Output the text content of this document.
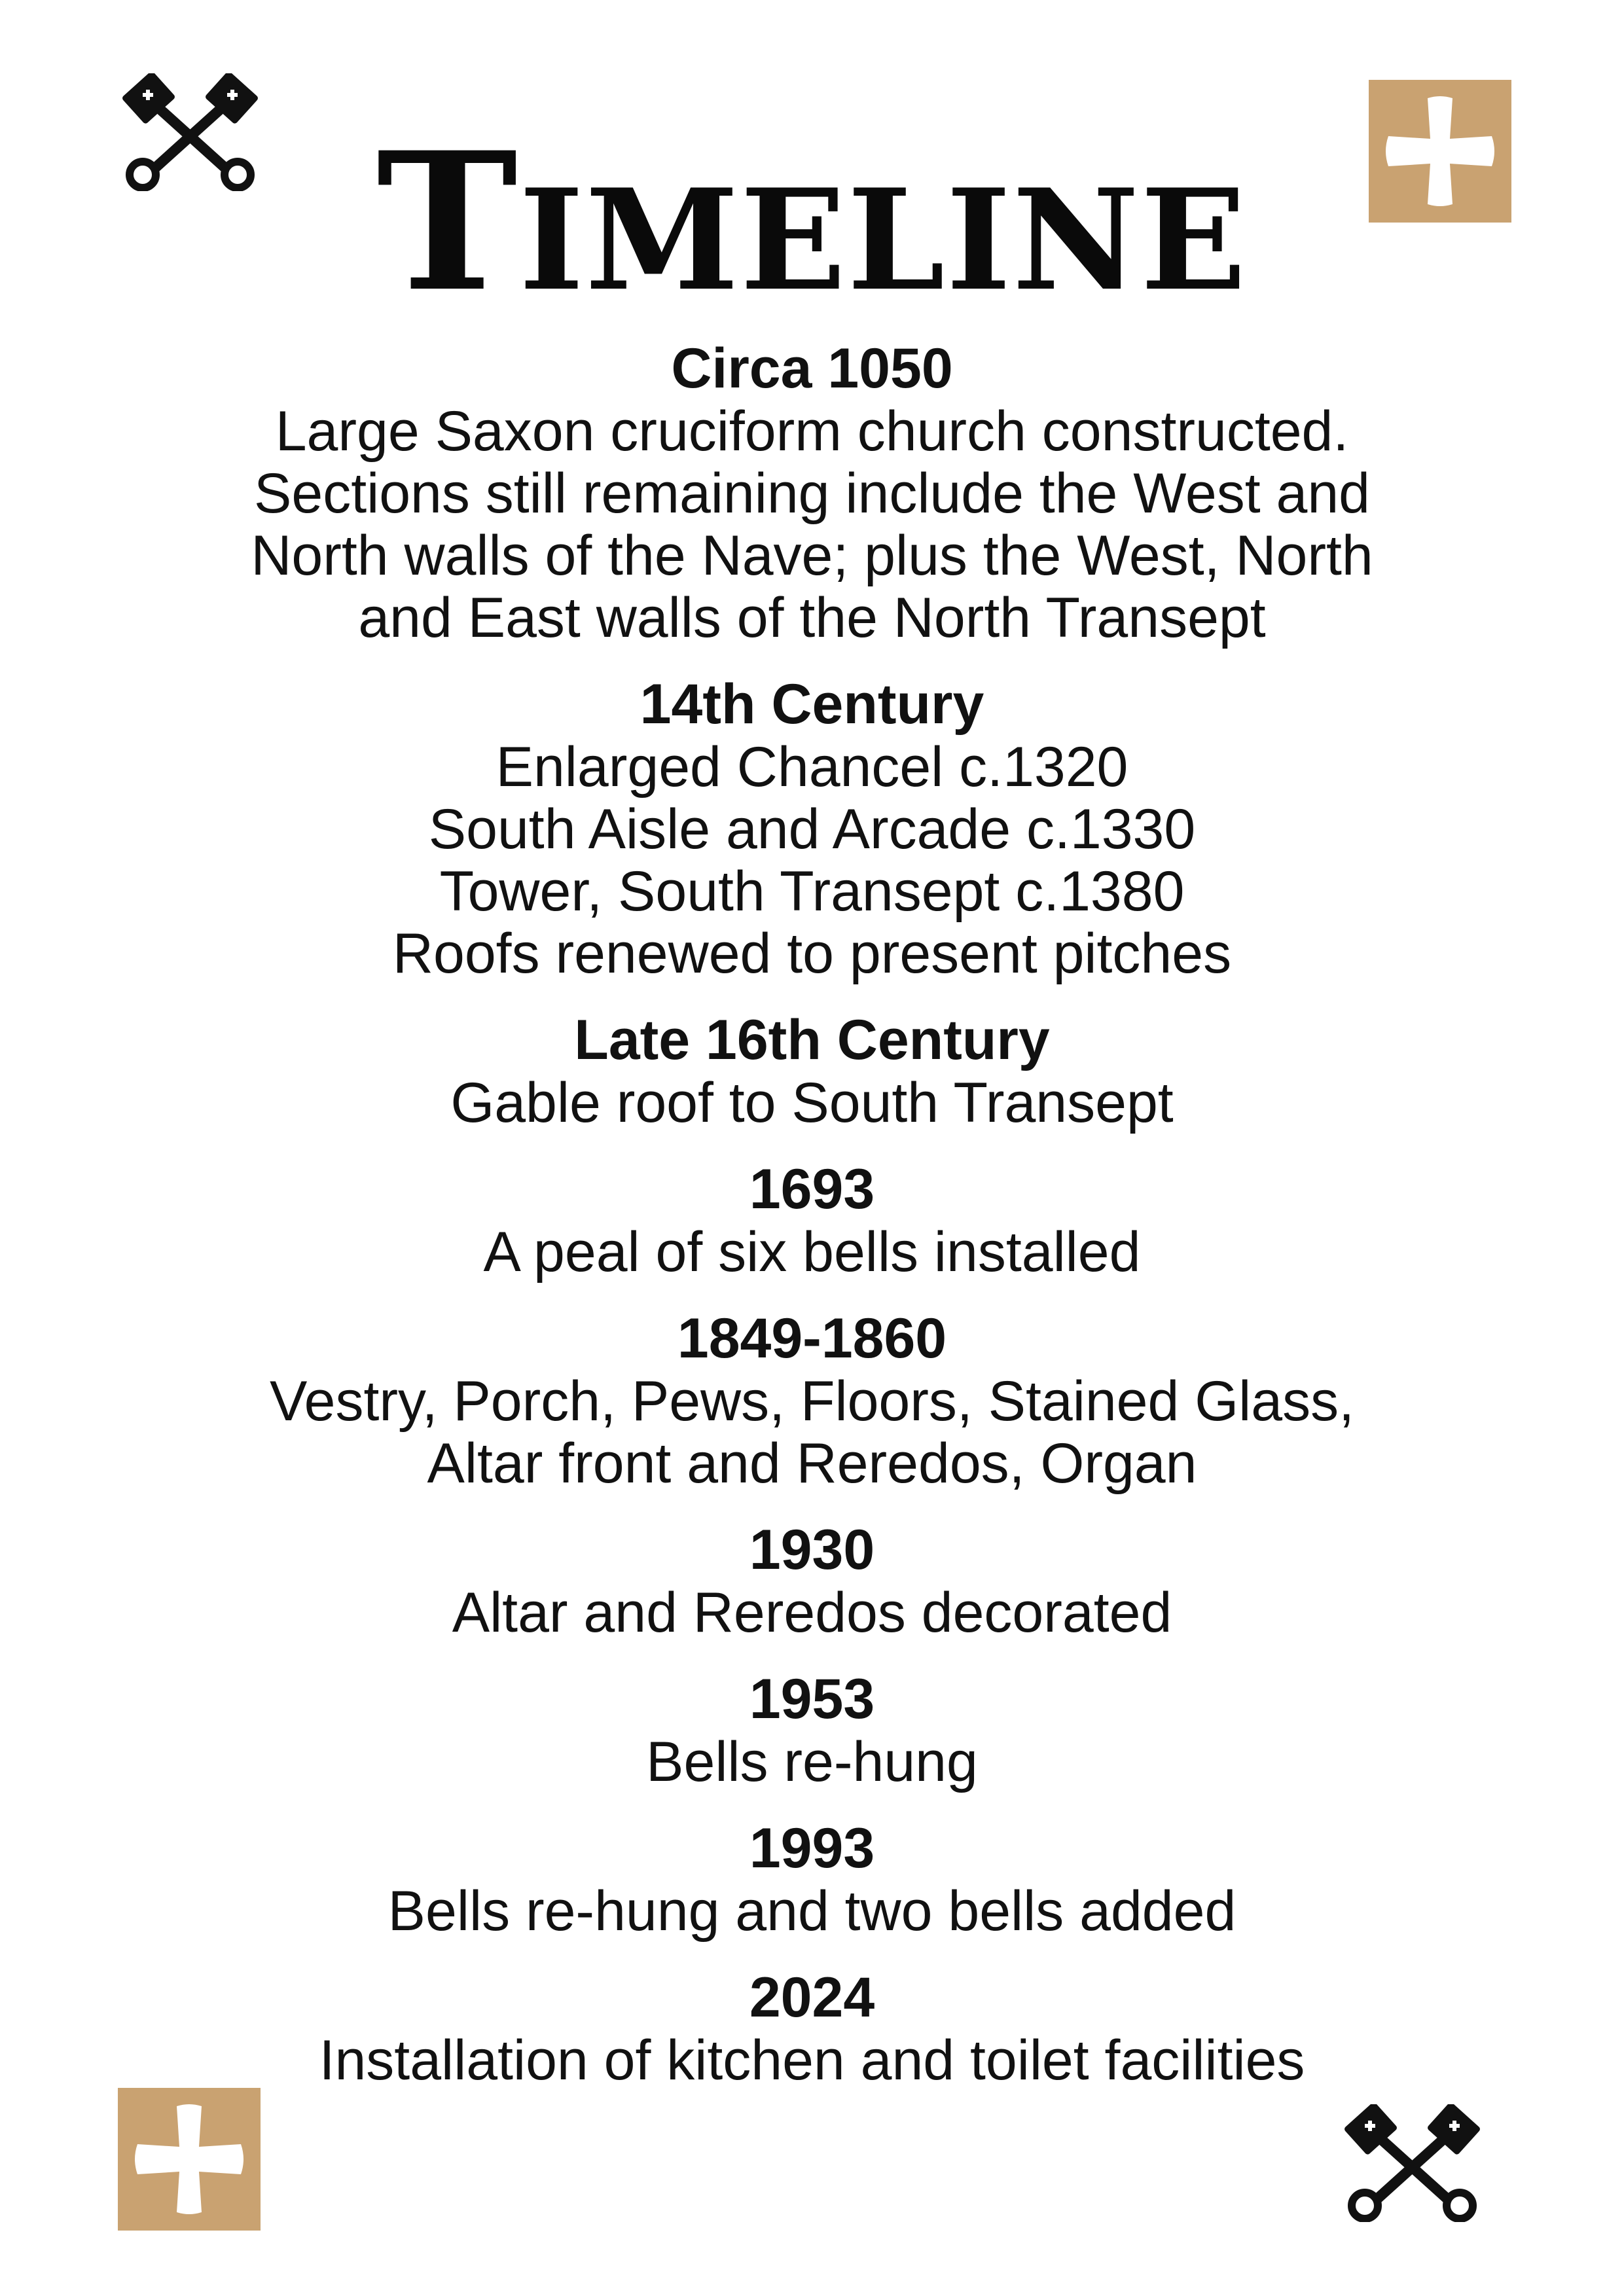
TIMELINE
Circa 1050
Large Saxon cruciform church constructed.
Sections still remaining include the West and
North walls of the Nave; plus the West, North
and East walls of the North Transept
14th Century
Enlarged Chancel c.1320
South Aisle and Arcade c.1330
Tower, South Transept c.1380
Roofs renewed to present pitches
Late 16th Century
Gable roof to South Transept
1693
A peal of six bells installed
1849-1860
Vestry, Porch, Pews, Floors, Stained Glass,
Altar front and Reredos, Organ
1930
Altar and Reredos decorated
1953
Bells re-hung
1993
Bells re-hung and two bells added
2024
Installation of kitchen and toilet facilities
